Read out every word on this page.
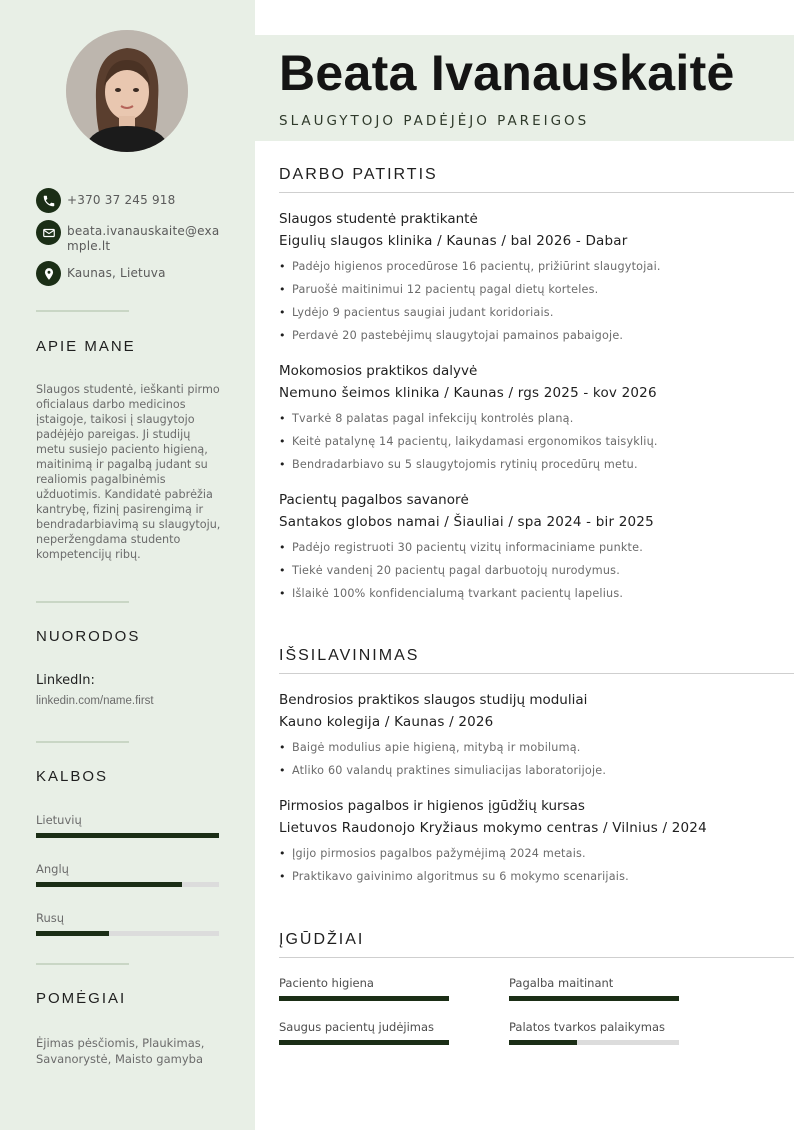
+370 37 245 918
beata.ivanauskaite@exa mple.lt
Kaunas, Lietuva
APIE MANE
Slaugos studentė, ieškanti pirmo oficialaus darbo medicinos įstaigoje, taikosi į slaugytojo padėjėjo pareigas. Ji studijų metu susiejo paciento higieną, maitinimą ir pagalbą judant su realiomis pagalbinėmis užduotimis. Kandidatė pabrėžia kantrybę, fizinį pasirengimą ir bendradarbiavimą su slaugytoju, neperžengdama studento kompetencijų ribų.
NUORODOS
LinkedIn:
linkedin.com/name.first
KALBOS
Lietuvių
Anglų
Rusų
POMĖGIAI
Ėjimas pėsčiomis, Plaukimas, Savanorystė, Maisto gamyba
Beata Ivanauskaitė
SLAUGYTOJO PADĖJĖJO PAREIGOS
DARBO PATIRTIS
Slaugos studentė praktikantė
Eigulių slaugos klinika / Kaunas / bal 2026 - Dabar
• Padėjo higienos procedūrose 16 pacientų, prižiūrint slaugytojai.
• Paruošė maitinimui 12 pacientų pagal dietų korteles.
• Lydėjo 9 pacientus saugiai judant koridoriais.
• Perdavė 20 pastebėjimų slaugytojai pamainos pabaigoje.
Mokomosios praktikos dalyvė
Nemuno šeimos klinika / Kaunas / rgs 2025 - kov 2026
• Tvarkė 8 palatas pagal infekcijų kontrolės planą.
• Keitė patalynę 14 pacientų, laikydamasi ergonomikos taisyklių.
• Bendradarbiavo su 5 slaugytojomis rytinių procedūrų metu.
Pacientų pagalbos savanorė
Santakos globos namai / Šiauliai / spa 2024 - bir 2025
• Padėjo registruoti 30 pacientų vizitų informaciniame punkte.
• Tiekė vandenį 20 pacientų pagal darbuotojų nurodymus.
• Išlaikė 100% konfidencialumą tvarkant pacientų lapelius.
IŠSILAVINIMAS
Bendrosios praktikos slaugos studijų moduliai
Kauno kolegija / Kaunas / 2026
• Baigė modulius apie higieną, mitybą ir mobilumą.
• Atliko 60 valandų praktines simuliacijas laboratorijoje.
Pirmosios pagalbos ir higienos įgūdžių kursas
Lietuvos Raudonojo Kryžiaus mokymo centras / Vilnius / 2024
• Įgijo pirmosios pagalbos pažymėjimą 2024 metais.
• Praktikavo gaivinimo algoritmus su 6 mokymo scenarijais.
ĮGŪDŽIAI
Paciento higiena	Pagalba maitinant
Saugus pacientų judėjimas	Palatos tvarkos palaikymas
